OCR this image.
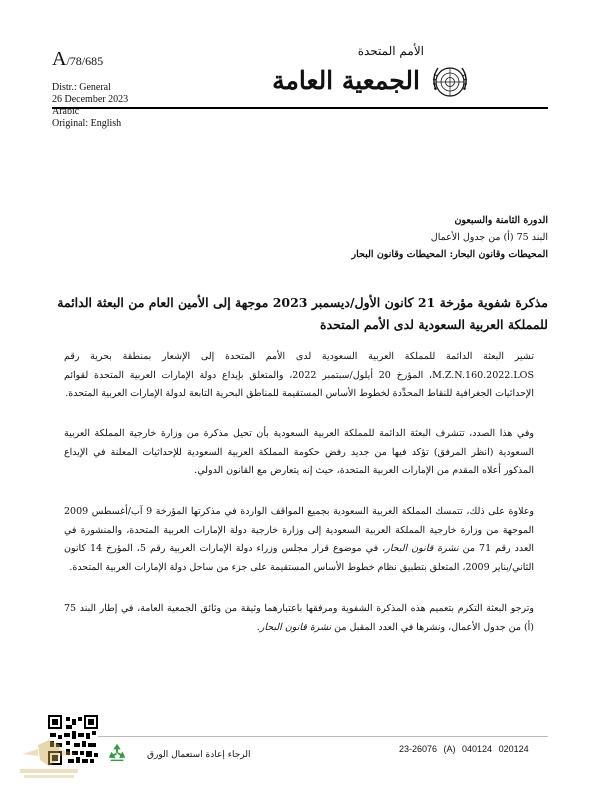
A/78/685
الأمم المتحدة
الجمعية العامة
Distr.: General
26 December 2023
Arabic
Original: English
الدورة الثامنة والسبعون
البند 75 (أ) من جدول الأعمال
المحيطات وقانون البحار: المحيطات وقانون البحار
مذكرة شفوية مؤرخة 21 كانون الأول/ديسمبر 2023 موجهة إلى الأمين العام من البعثة الدائمة للمملكة العربية السعودية لدى الأمم المتحدة
تشير البعثة الدائمة للمملكة العربية السعودية لدى الأمم المتحدة إلى الإشعار بمنطقة بحرية رقم M.Z.N.160.2022.LOS، المؤرخ 20 أيلول/سبتمبر 2022، والمتعلق بإيداع دولة الإمارات العربية المتحدة لقوائم الإحداثيات الجغرافية للنقاط المحدِّدة لخطوط الأساس المستقيمة للمناطق البحرية التابعة لدولة الإمارات العربية المتحدة.
وفي هذا الصدد، تتشرف البعثة الدائمة للمملكة العربية السعودية بأن تحيل مذكرة من وزارة خارجية المملكة العربية السعودية (انظر المرفق) تؤكد فيها من جديد رفض حكومة المملكة العربية السعودية للإحداثيات المعلنة في الإيداع المذكور أعلاه المقدم من الإمارات العربية المتحدة، حيث إنه يتعارض مع القانون الدولي.
وعلاوة على ذلك، تتمسك المملكة العربية السعودية بجميع المواقف الواردة في مذكرتها المؤرخة 9 آب/أغسطس 2009 الموجهة من وزارة خارجية المملكة العربية السعودية إلى وزارة خارجية دولة الإمارات العربية المتحدة، والمنشورة في العدد رقم 71 من نشرة قانون البحار، في موضوع قرار مجلس وزراء دولة الإمارات العربية رقم 5، المؤرخ 14 كانون الثاني/يناير 2009، المتعلق بتطبيق نظام خطوط الأساس المستقيمة على جزء من ساحل دولة الإمارات العربية المتحدة.
وترجو البعثة التكرم بتعميم هذه المذكرة الشفوية ومرفقها باعتبارهما وثيقة من وثائق الجمعية العامة، في إطار البند 75 (أ) من جدول الأعمال، ونشرها في العدد المقبل من نشرة قانون البحار.
الرجاء إعادة استعمال الورق
23-26076 (A) 040124 020124
